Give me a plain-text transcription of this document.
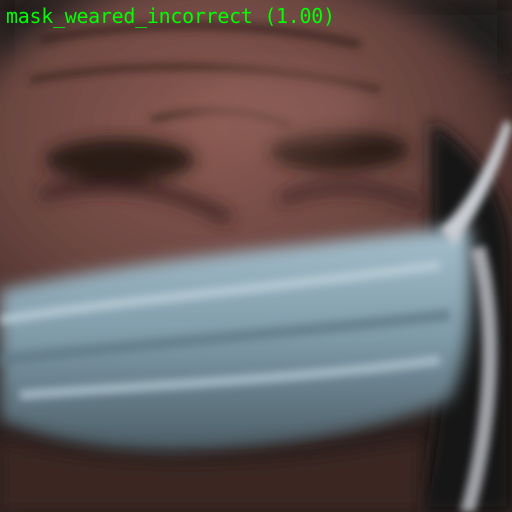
mask_weared_incorrect (1.00)
